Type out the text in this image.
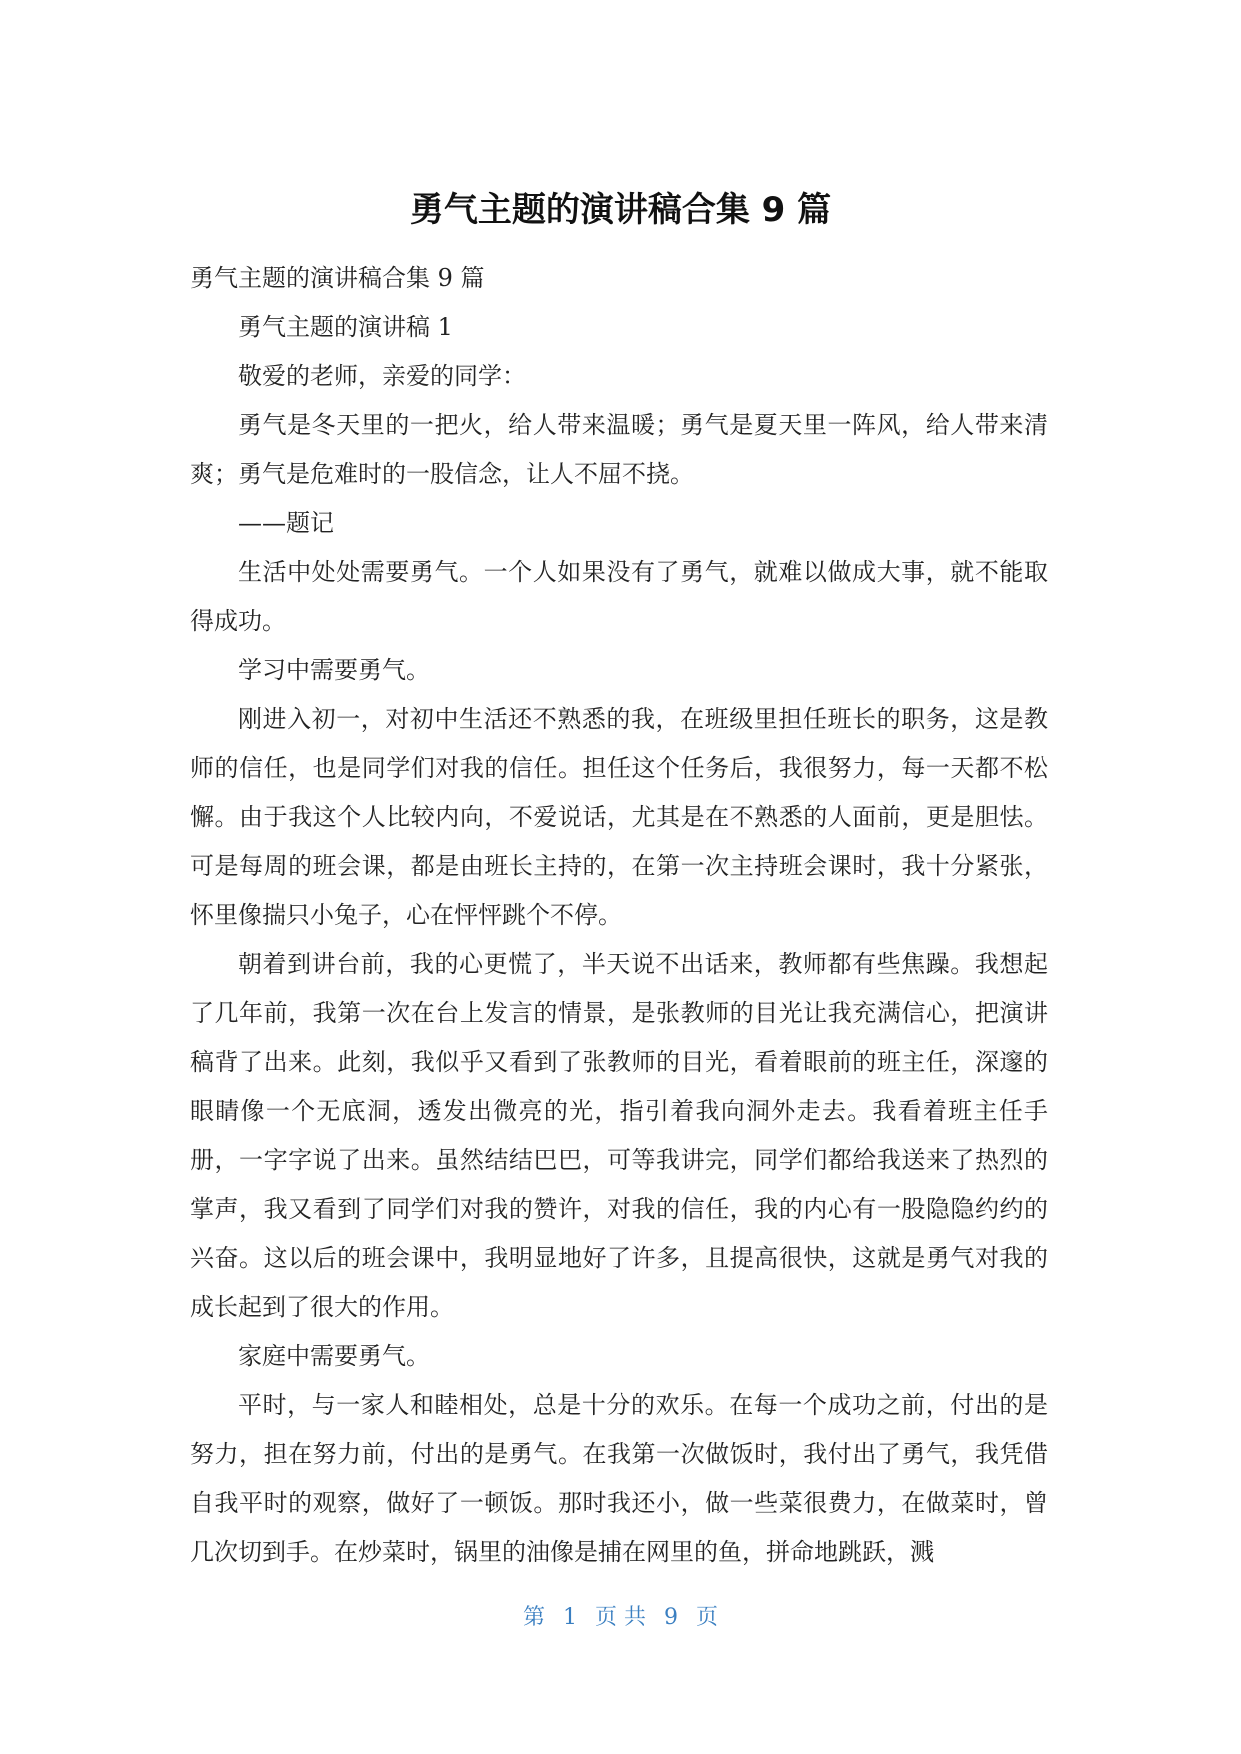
勇气主题的演讲稿合集 9 篇

勇气主题的演讲稿合集 9 篇

勇气主题的演讲稿 1

敬爱的老师，亲爱的同学：

勇气是冬天里的一把火，给人带来温暖；勇气是夏天里一阵风，给人带来清爽；勇气是危难时的一股信念，让人不屈不挠。

——题记

生活中处处需要勇气。一个人如果没有了勇气，就难以做成大事，就不能取得成功。

学习中需要勇气。

刚进入初一，对初中生活还不熟悉的我，在班级里担任班长的职务，这是教师的信任，也是同学们对我的信任。担任这个任务后，我很努力，每一天都不松懈。由于我这个人比较内向，不爱说话，尤其是在不熟悉的人面前，更是胆怯。可是每周的班会课，都是由班长主持的，在第一次主持班会课时，我十分紧张，怀里像揣只小兔子，心在怦怦跳个不停。

朝着到讲台前，我的心更慌了，半天说不出话来，教师都有些焦躁。我想起了几年前，我第一次在台上发言的情景，是张教师的目光让我充满信心，把演讲稿背了出来。此刻，我似乎又看到了张教师的目光，看着眼前的班主任，深邃的眼睛像一个无底洞，透发出微亮的光，指引着我向洞外走去。我看着班主任手册，一字字说了出来。虽然结结巴巴，可等我讲完，同学们都给我送来了热烈的掌声，我又看到了同学们对我的赞许，对我的信任，我的内心有一股隐隐约约的兴奋。这以后的班会课中，我明显地好了许多，且提高很快，这就是勇气对我的成长起到了很大的作用。

家庭中需要勇气。

平时，与一家人和睦相处，总是十分的欢乐。在每一个成功之前，付出的是努力，担在努力前，付出的是勇气。在我第一次做饭时，我付出了勇气，我凭借自我平时的观察，做好了一顿饭。那时我还小，做一些菜很费力，在做菜时，曾几次切到手。在炒菜时，锅里的油像是捕在网里的鱼，拼命地跳跃，溅

第 1 页 共 9 页
